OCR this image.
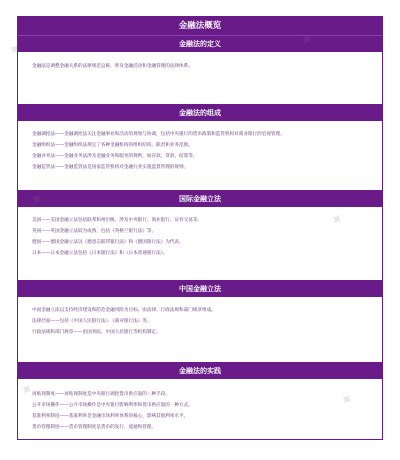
金融法概览
金融法的定义
金融法是调整金融关系的法律规范总称，涉及金融活动和金融管理的法律体系。
金融法的组成
金融调控法——金融调控法关注金融事业和活动的规划与协调，包括中央银行的货币政策和监管机构对商业银行的宏观管理。
金融组织法——金融组织法规定了各种金融机构的组织结构、职责和业务范围。
金融业务法——金融业务法涉及金融业务和服务的规则，如存款、贷款、结算等。
金融监管法——金融监管法是国家监管机构对金融行业实施监督管理的规则。
国际金融立法
美国——美国金融立法包括联邦和州层级，涉及中央银行、商业银行、证券交易等。
英国——英国金融立法较为成熟，包括《英格兰银行法》等。
德国——德国金融立法以《德意志联邦银行法》和《德国银行法》为代表。
日本——日本金融立法包括《日本银行法》和《日本普通银行法》。
中国金融立法
中国金融立法以支持经济建设和防范金融风险为目标，由法律、行政法规和部门规章组成。
法律层面——包括《中国人民银行法》、《商业银行法》等。
行政法规和部门规章——由国务院、中国人民银行等机构制定。
金融法的实践
再贴现制度——再贴现制度是中央银行调控货币供应量的一种手段。
公开市场操作——公开市场操作是中央银行影响利率和货币供应量的一种方式。
基准利率制度——基准利率是金融市场利率体系的核心，影响其他利率水平。
货币管理制度——货币管理制度是货币的发行、流通和管理。
✦
